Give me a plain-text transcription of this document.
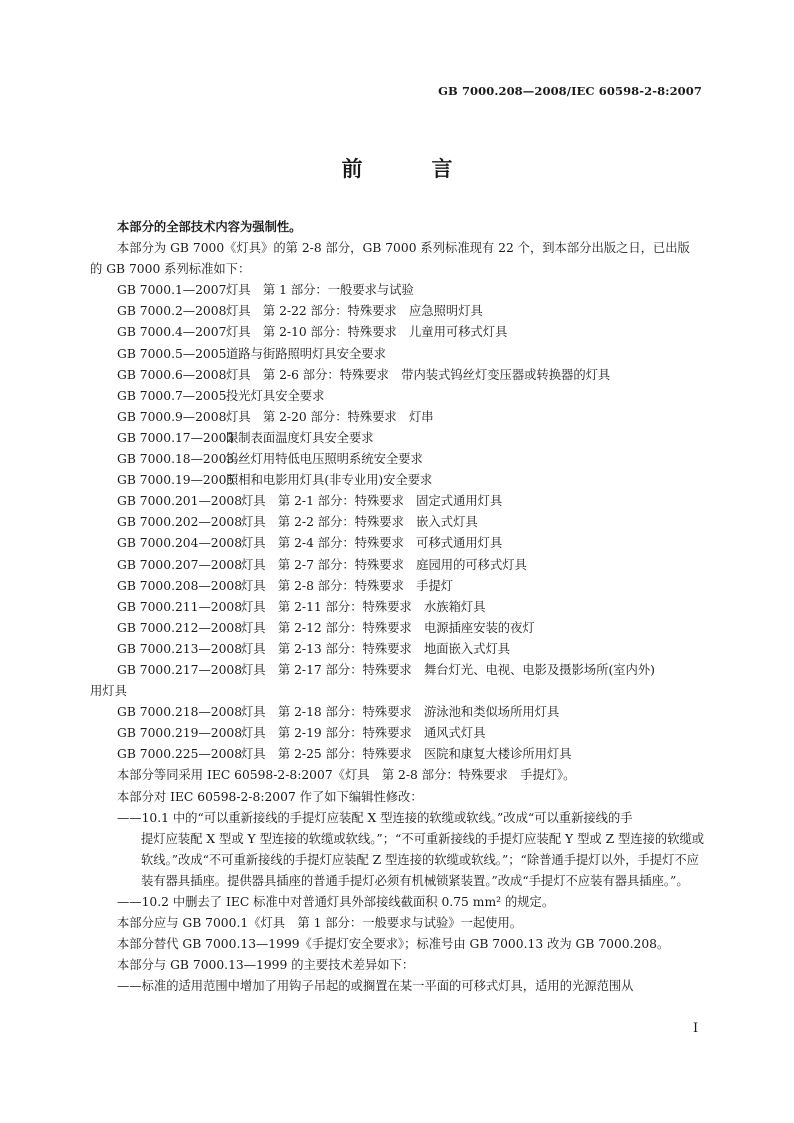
GB 7000.208—2008/IEC 60598-2-8:2007
前　言
本部分的全部技术内容为强制性。
本部分为 GB 7000《灯具》的第 2-8 部分，GB 7000 系列标准现有 22 个，到本部分出版之日，已出版
的 GB 7000 系列标准如下：
GB 7000.1—2007灯具　第 1 部分：一般要求与试验
GB 7000.2—2008灯具　第 2-22 部分：特殊要求　应急照明灯具
GB 7000.4—2007灯具　第 2-10 部分：特殊要求　儿童用可移式灯具
GB 7000.5—2005道路与街路照明灯具安全要求
GB 7000.6—2008灯具　第 2-6 部分：特殊要求　带内装式钨丝灯变压器或转换器的灯具
GB 7000.7—2005投光灯具安全要求
GB 7000.9—2008灯具　第 2-20 部分：特殊要求　灯串
GB 7000.17—2003限制表面温度灯具安全要求
GB 7000.18—2003钨丝灯用特低电压照明系统安全要求
GB 7000.19—2005照相和电影用灯具(非专业用)安全要求
GB 7000.201—2008灯具　第 2-1 部分：特殊要求　固定式通用灯具
GB 7000.202—2008灯具　第 2-2 部分：特殊要求　嵌入式灯具
GB 7000.204—2008灯具　第 2-4 部分：特殊要求　可移式通用灯具
GB 7000.207—2008灯具　第 2-7 部分：特殊要求　庭园用的可移式灯具
GB 7000.208—2008灯具　第 2-8 部分：特殊要求　手提灯
GB 7000.211—2008灯具　第 2-11 部分：特殊要求　水族箱灯具
GB 7000.212—2008灯具　第 2-12 部分：特殊要求　电源插座安装的夜灯
GB 7000.213—2008灯具　第 2-13 部分：特殊要求　地面嵌入式灯具
GB 7000.217—2008灯具　第 2-17 部分：特殊要求　舞台灯光、电视、电影及摄影场所(室内外)
用灯具
GB 7000.218—2008灯具　第 2-18 部分：特殊要求　游泳池和类似场所用灯具
GB 7000.219—2008灯具　第 2-19 部分：特殊要求　通风式灯具
GB 7000.225—2008灯具　第 2-25 部分：特殊要求　医院和康复大楼诊所用灯具
本部分等同采用 IEC 60598-2-8:2007《灯具　第 2-8 部分：特殊要求　手提灯》。
本部分对 IEC 60598-2-8:2007 作了如下编辑性修改：
——10.1 中的“可以重新接线的手提灯应装配 X 型连接的软缆或软线。”改成“可以重新接线的手
提灯应装配 X 型或 Y 型连接的软缆或软线。”；“不可重新接线的手提灯应装配 Y 型或 Z 型连接的软缆或软线。”改成“不可重新接线的手提灯应装配 Z 型连接的软缆或软线。”；“除普通手提灯以外，手提灯不应装有器具插座。提供器具插座的普通手提灯必须有机械锁紧装置。”改成“手提灯不应装有器具插座。”。
——10.2 中删去了 IEC 标准中对普通灯具外部接线截面积 0.75 mm² 的规定。
本部分应与 GB 7000.1《灯具　第 1 部分：一般要求与试验》一起使用。
本部分替代 GB 7000.13—1999《手提灯安全要求》；标准号由 GB 7000.13 改为 GB 7000.208。
本部分与 GB 7000.13—1999 的主要技术差异如下：
——标准的适用范围中增加了用钩子吊起的或搁置在某一平面的可移式灯具，适用的光源范围从
I
